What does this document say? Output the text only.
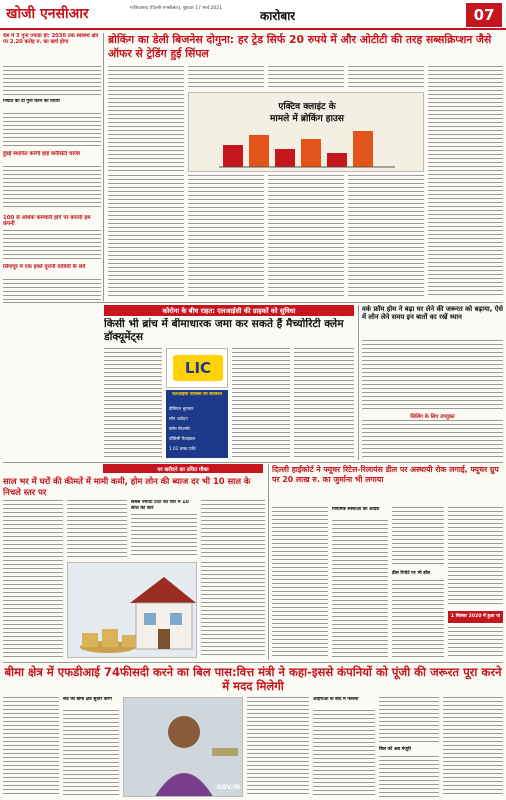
खोजी एनसीआर	गाजियाबाद (दिल्ली-एनसीआर), बुधवार 17 मार्च 2021
कारोबार	07
देश में 3 गुना ज्यादा हो: 2030 तक स्वास्थ्य क्षेत्र पर 2.20 करोड़ रु. का खर्च होगा
निर्यात को दो गुना करने की तैयारी
हुंडई स्थापित करेगी हाई कपैसिटी चार्जर
100 से अधिक कर्मचारी होंगे पर बनायी हम कंपनी
सिंगापुर में एक हफ्ते पुरानी यात्रियों के सर्वे
ब्रोकिंग का डेली बिजनेस दोगुना: हर ट्रेड सिर्फ 20 रुपये में और ओटीटी की तरह सब्सक्रिप्शन जैसे ऑफर से ट्रेडिंग हुई सिंपल
एक्टिव क्लाइंट के
मामले में ब्रोकिंग हाउस
कोरोना के बीच राहत: एलआईसी की ग्राहकों को सुविधा
किसी भी ब्रांच में बीमाधारक जमा कर सकते हैं मैच्योरिटी क्लेम डॉक्यूमेंट्स
LIC
एलआईसी पॉलिसी की सर्विसेज
प्रीमियम भुगतान
लोन आवेदन
क्लेम सेटलमेंट
पॉलिसी रिवाइवल
1.02 लाख एजेंट
वर्क फ्रॉम होम ने बढ़ा घर लेने की जरूरत को बढ़ाया, ऐसे में लोन लेने समय इन बातों का रखें ध्यान
सिलिंग के लिए उपयुक्त
घर खरीदने का उचित मौका
साल भर में घरों की कीमतें में मामी कमी, होम लोन की ब्याज दर भी 10 साल के निचले स्तर पर
सबसे ज्यादा टाटा की चार में 10 साल का स्तर
दिल्ली हाईकोर्ट ने फ्यूचर रिटेल-रिलायंस डील पर अस्थायी रोक लगाई, फ्यूचर ग्रुप पर 20 लाख रु. का जुर्माना भी लगाया
नियामक संस्थाओं को आदेश
डील रिपोर्ट पर भी डॉल
1 सितंबर 2020 में हुआ था
बीमा क्षेत्र में एफडीआई 74फीसदी करने का बिल पास:वित्त मंत्री ने कहा-इससे कंपनियों को पूंजी की जरूरत पूरा करने में मदद मिलेगी
सर्वे जो बीमा क्षेत्र सुधार करेंगे
GOV.IN
आईपीओ के बाद में फैसला
बिल को अब मंजूरी
